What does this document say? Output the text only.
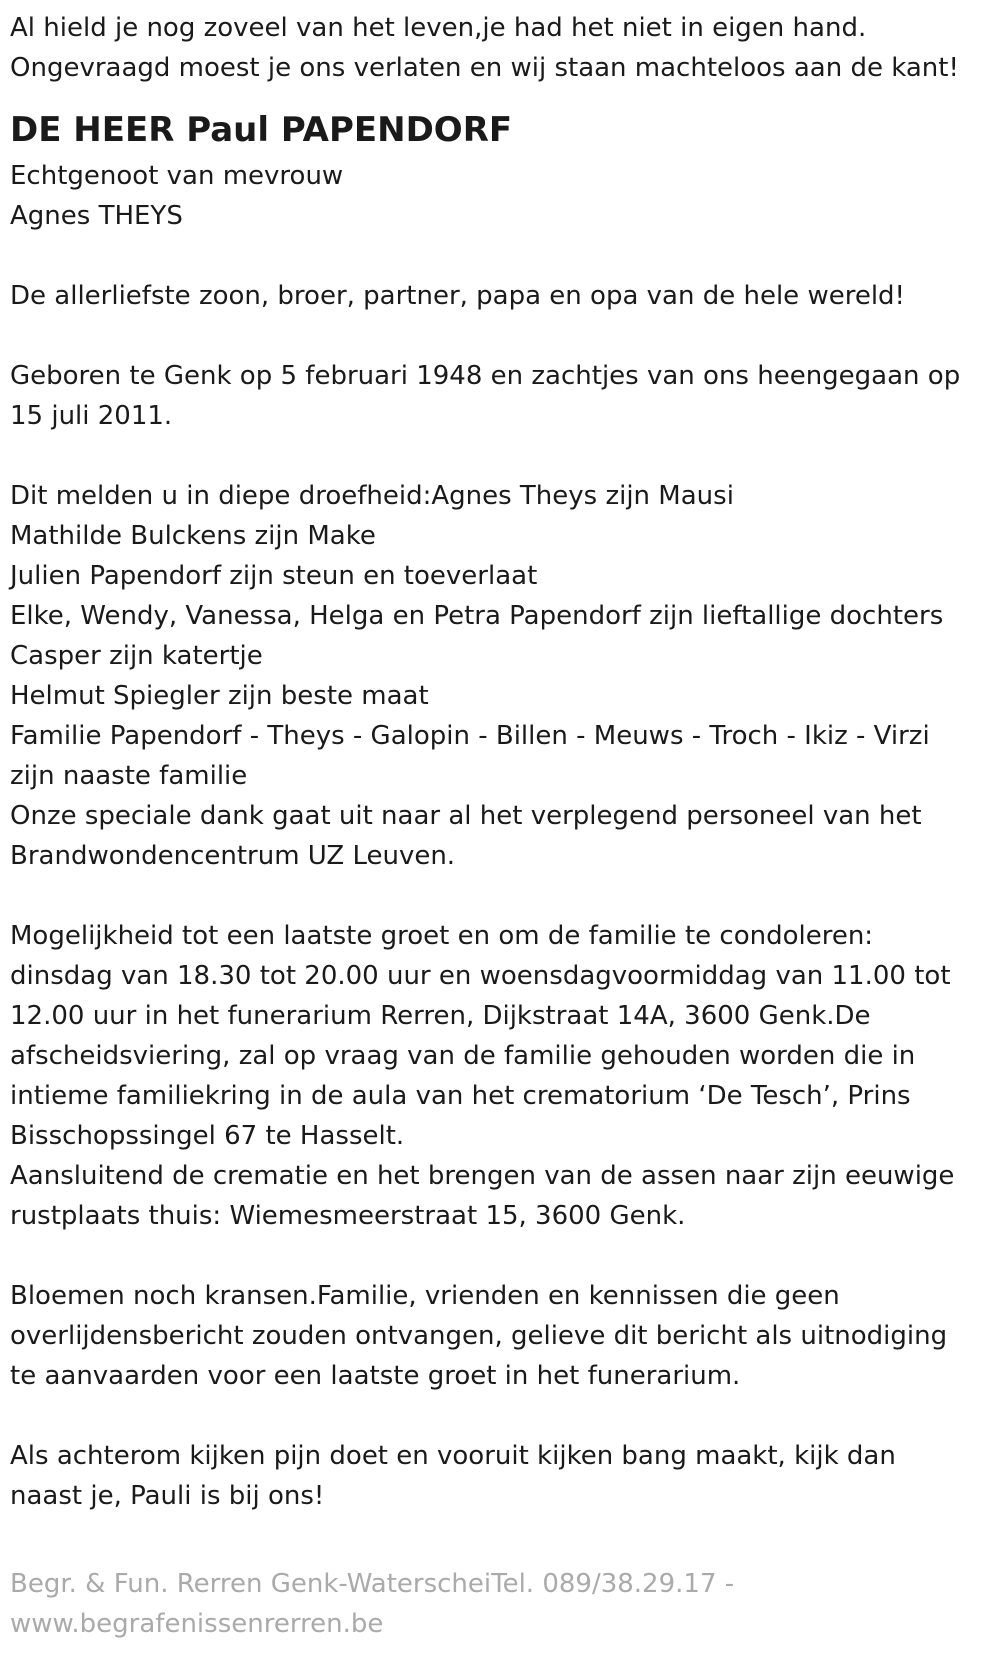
Al hield je nog zoveel van het leven,je had het niet in eigen hand.
Ongevraagd moest je ons verlaten en wij staan machteloos aan de kant!
DE HEER Paul PAPENDORF
Echtgenoot van mevrouw
Agnes THEYS
De allerliefste zoon, broer, partner, papa en opa van de hele wereld!
Geboren te Genk op 5 februari 1948 en zachtjes van ons heengegaan op
15 juli 2011.
Dit melden u in diepe droefheid:Agnes Theys zijn Mausi
Mathilde Bulckens zijn Make
Julien Papendorf zijn steun en toeverlaat
Elke, Wendy, Vanessa, Helga en Petra Papendorf zijn lieftallige dochters
Casper zijn katertje
Helmut Spiegler zijn beste maat
Familie Papendorf - Theys - Galopin - Billen - Meuws - Troch - Ikiz - Virzi
zijn naaste familie
Onze speciale dank gaat uit naar al het verplegend personeel van het
Brandwondencentrum UZ Leuven.
Mogelijkheid tot een laatste groet en om de familie te condoleren:
dinsdag van 18.30 tot 20.00 uur en woensdagvoormiddag van 11.00 tot
12.00 uur in het funerarium Rerren, Dijkstraat 14A, 3600 Genk.De
afscheidsviering, zal op vraag van de familie gehouden worden die in
intieme familiekring in de aula van het crematorium ‘De Tesch’, Prins
Bisschopssingel 67 te Hasselt.
Aansluitend de crematie en het brengen van de assen naar zijn eeuwige
rustplaats thuis: Wiemesmeerstraat 15, 3600 Genk.
Bloemen noch kransen.Familie, vrienden en kennissen die geen
overlijdensbericht zouden ontvangen, gelieve dit bericht als uitnodiging
te aanvaarden voor een laatste groet in het funerarium.
Als achterom kijken pijn doet en vooruit kijken bang maakt, kijk dan
naast je, Pauli is bij ons!
Begr. & Fun. Rerren Genk-WaterscheiTel. 089/38.29.17 -
www.begrafenissenrerren.be
